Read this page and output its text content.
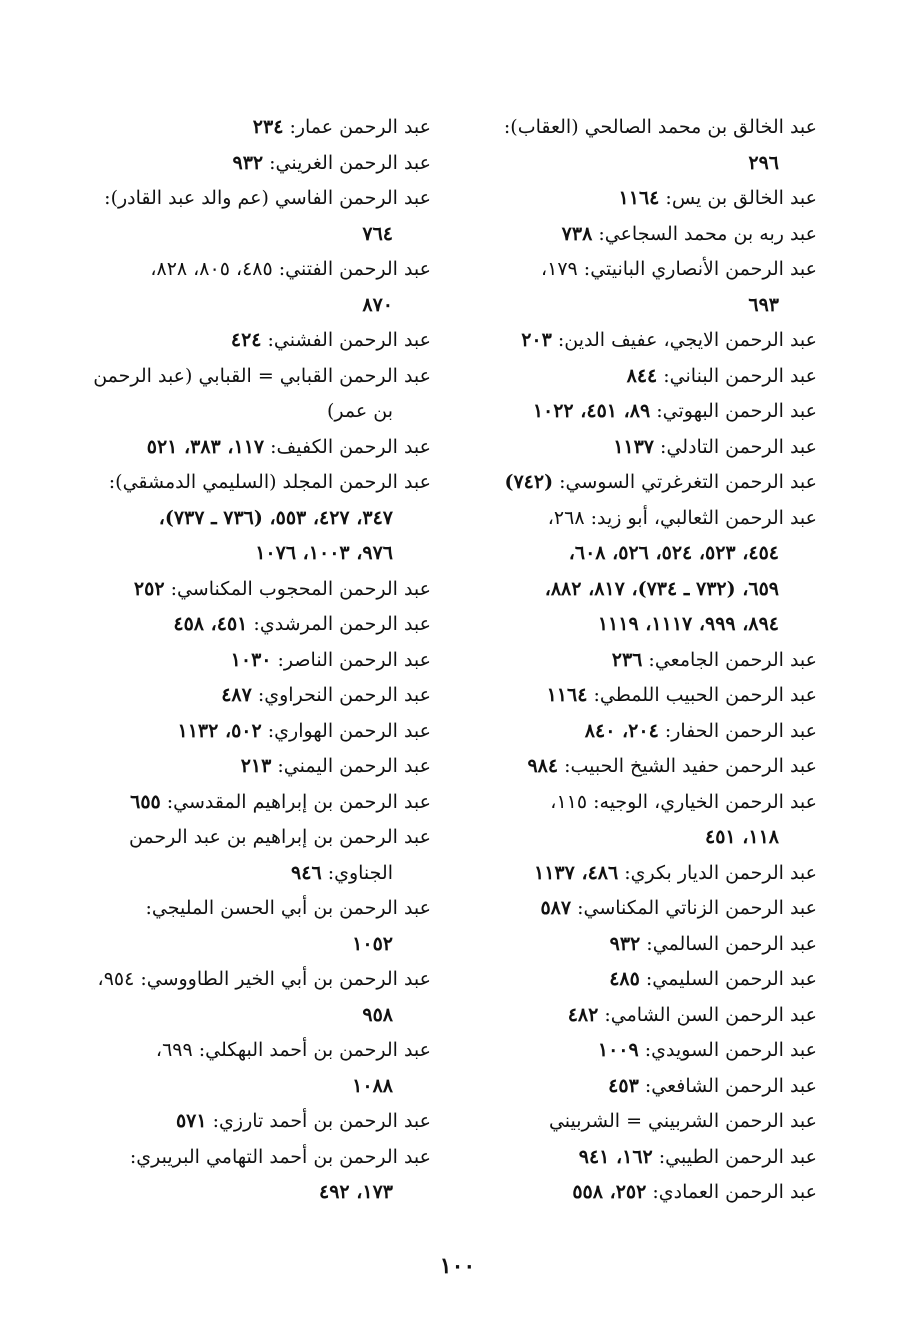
عبد الخالق بن محمد الصالحي (العقاب):
٢٩٦
عبد الخالق بن يس: ١١٦٤
عبد ربه بن محمد السجاعي: ٧٣٨
عبد الرحمن الأنصاري البانيتي: ١٧٩،
٦٩٣
عبد الرحمن الايجي، عفيف الدين: ٢٠٣
عبد الرحمن البناني: ٨٤٤
عبد الرحمن البهوتي: ٨٩، ٤٥١، ١٠٢٢
عبد الرحمن التادلي: ١١٣٧
عبد الرحمن التغرغرتي السوسي: (٧٤٢)
عبد الرحمن الثعالبي، أبو زيد: ٢٦٨،
٤٥٤، ٥٢٣، ٥٢٤، ٥٢٦، ٦٠٨،
٦٥٩، (٧٣٢ ـ ٧٣٤)، ٨١٧، ٨٨٢،
٨٩٤، ٩٩٩، ١١١٧، ١١١٩
عبد الرحمن الجامعي: ٢٣٦
عبد الرحمن الحبيب اللمطي: ١١٦٤
عبد الرحمن الحفار: ٢٠٤، ٨٤٠
عبد الرحمن حفيد الشيخ الحبيب: ٩٨٤
عبد الرحمن الخياري، الوجيه: ١١٥،
١١٨، ٤٥١
عبد الرحمن الديار بكري: ٤٨٦، ١١٣٧
عبد الرحمن الزناتي المكناسي: ٥٨٧
عبد الرحمن السالمي: ٩٣٢
عبد الرحمن السليمي: ٤٨٥
عبد الرحمن السن الشامي: ٤٨٢
عبد الرحمن السويدي: ١٠٠٩
عبد الرحمن الشافعي: ٤٥٣
عبد الرحمن الشربيني = الشربيني
عبد الرحمن الطيبي: ١٦٢، ٩٤١
عبد الرحمن العمادي: ٢٥٢، ٥٥٨
عبد الرحمن عمار: ٢٣٤
عبد الرحمن الغريني: ٩٣٢
عبد الرحمن الفاسي (عم والد عبد القادر):
٧٦٤
عبد الرحمن الفتني: ٤٨٥، ٨٠٥، ٨٢٨،
٨٧٠
عبد الرحمن الفشني: ٤٢٤
عبد الرحمن القبابي = القبابي (عبد الرحمن
بن عمر)
عبد الرحمن الكفيف: ١١٧، ٣٨٣، ٥٢١
عبد الرحمن المجلد (السليمي الدمشقي):
٣٤٧، ٤٢٧، ٥٥٣، (٧٣٦ ـ ٧٣٧)،
٩٧٦، ١٠٠٣، ١٠٧٦
عبد الرحمن المحجوب المكناسي: ٢٥٢
عبد الرحمن المرشدي: ٤٥١، ٤٥٨
عبد الرحمن الناصر: ١٠٣٠
عبد الرحمن النحراوي: ٤٨٧
عبد الرحمن الهواري: ٥٠٢، ١١٣٢
عبد الرحمن اليمني: ٢١٣
عبد الرحمن بن إبراهيم المقدسي: ٦٥٥
عبد الرحمن بن إبراهيم بن عبد الرحمن
الجناوي: ٩٤٦
عبد الرحمن بن أبي الحسن المليجي:
١٠٥٢
عبد الرحمن بن أبي الخير الطاووسي: ٩٥٤،
٩٥٨
عبد الرحمن بن أحمد البهكلي: ٦٩٩،
١٠٨٨
عبد الرحمن بن أحمد تارزي: ٥٧١
عبد الرحمن بن أحمد التهامي البريبري:
١٧٣، ٤٩٢
١٠٠
